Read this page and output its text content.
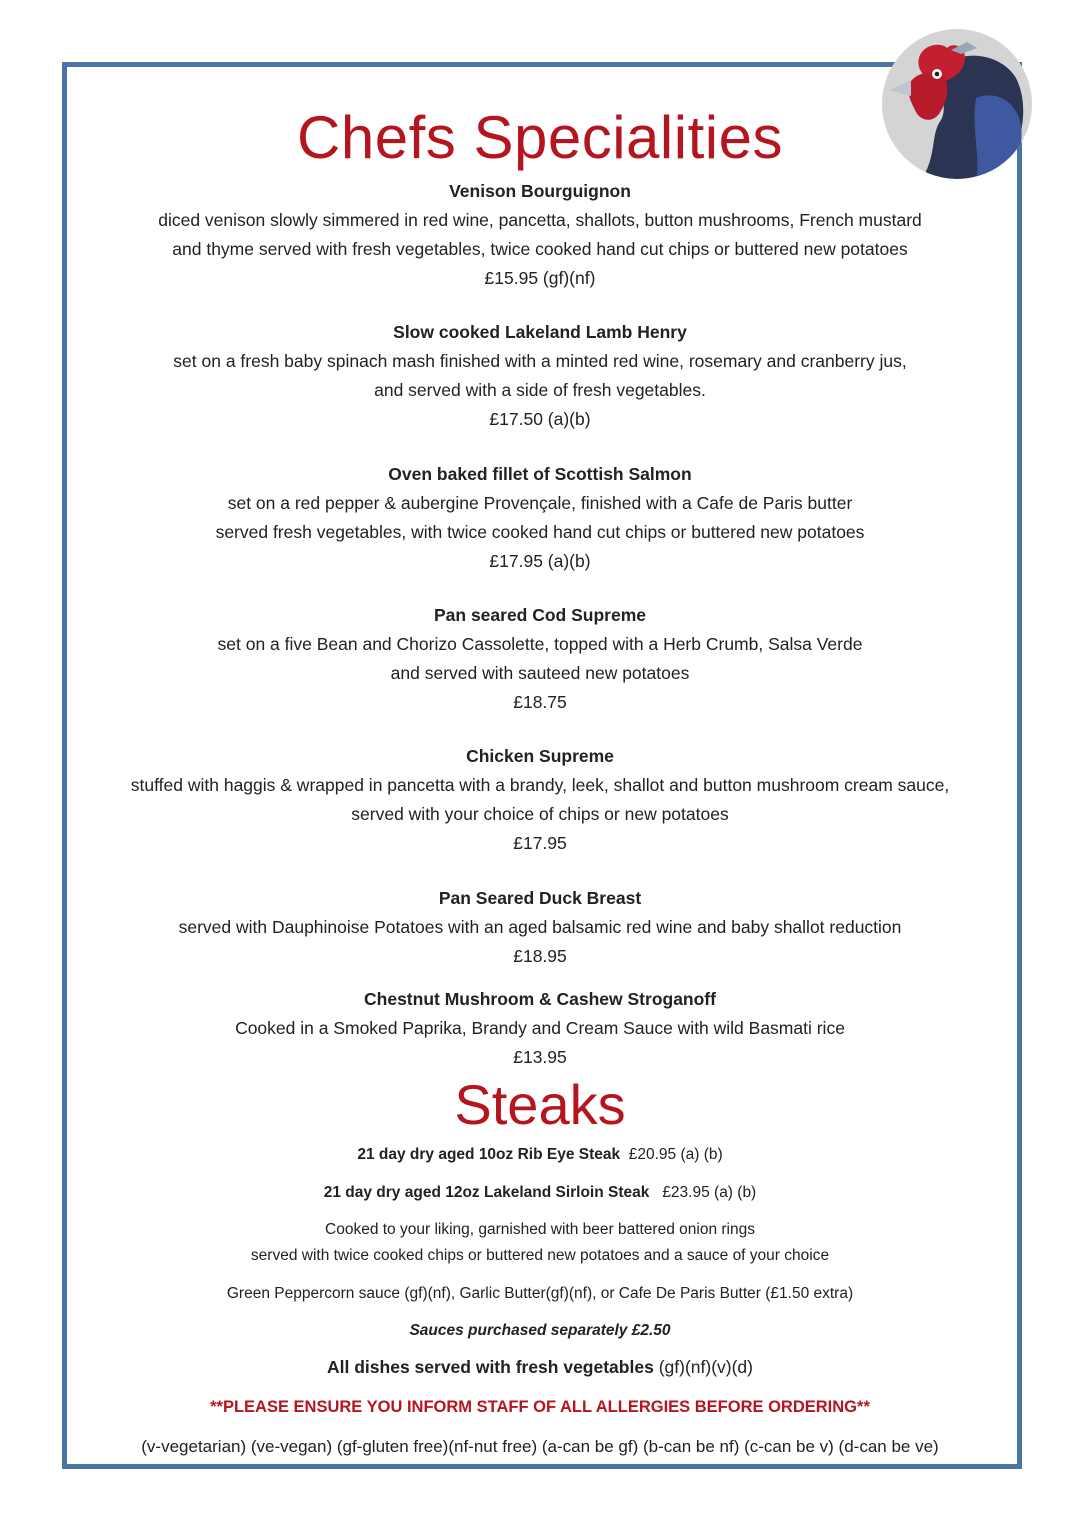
Chefs Specialities
Venison Bourguignon
diced venison slowly simmered in red wine, pancetta, shallots, button mushrooms, French mustard
and thyme served with fresh vegetables, twice cooked hand cut chips or buttered new potatoes
£15.95 (gf)(nf)
Slow cooked Lakeland Lamb Henry
set on a fresh baby spinach mash finished with a minted red wine, rosemary and cranberry jus,
and served with a side of fresh vegetables.
£17.50 (a)(b)
Oven baked fillet of Scottish Salmon
set on a red pepper & aubergine Provençale, finished with a Cafe de Paris butter
served fresh vegetables, with twice cooked hand cut chips or buttered new potatoes
£17.95 (a)(b)
Pan seared Cod Supreme
set on a five Bean and Chorizo Cassolette, topped with a Herb Crumb, Salsa Verde
and served with sauteed new potatoes
£18.75
Chicken Supreme
stuffed with haggis & wrapped in pancetta with a brandy, leek, shallot and button mushroom cream sauce,
served with your choice of chips or new potatoes
£17.95
Pan Seared Duck Breast
served with Dauphinoise Potatoes with an aged balsamic red wine and baby shallot reduction
£18.95
Chestnut Mushroom & Cashew Stroganoff
Cooked in a Smoked Paprika, Brandy and Cream Sauce with wild Basmati rice
£13.95
Steaks
21 day dry aged 10oz Rib Eye Steak £20.95 (a) (b)
21 day dry aged 12oz Lakeland Sirloin Steak £23.95 (a) (b)
Cooked to your liking, garnished with beer battered onion rings
served with twice cooked chips or buttered new potatoes and a sauce of your choice
Green Peppercorn sauce (gf)(nf), Garlic Butter(gf)(nf), or Cafe De Paris Butter (£1.50 extra)
Sauces purchased separately £2.50
All dishes served with fresh vegetables (gf)(nf)(v)(d)
**PLEASE ENSURE YOU INFORM STAFF OF ALL ALLERGIES BEFORE ORDERING**
(v-vegetarian) (ve-vegan) (gf-gluten free)(nf-nut free) (a-can be gf) (b-can be nf) (c-can be v) (d-can be ve)
